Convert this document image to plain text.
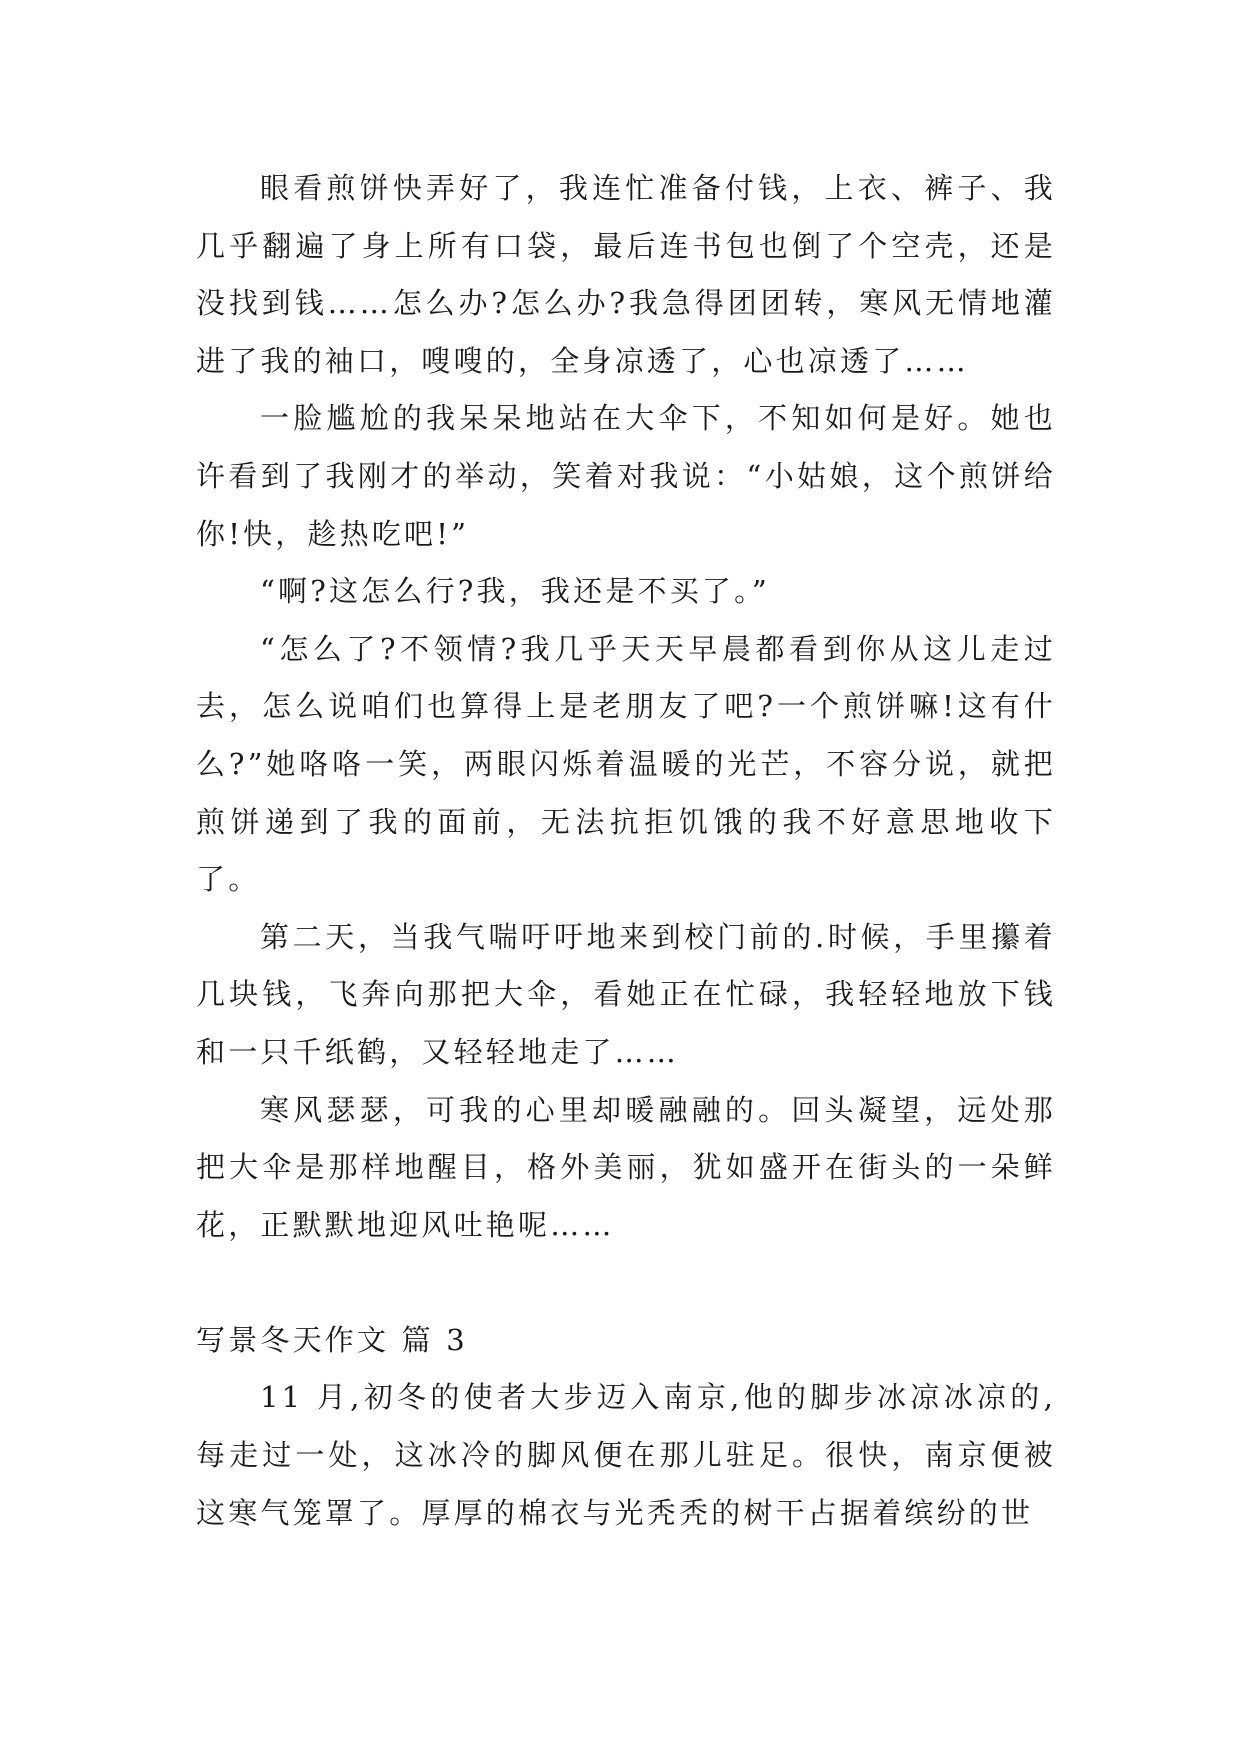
眼看煎饼快弄好了，我连忙准备付钱，上衣、裤子、我几乎翻遍了身上所有口袋，最后连书包也倒了个空壳，还是没找到钱……怎么办?怎么办?我急得团团转，寒风无情地灌进了我的袖口，嗖嗖的，全身凉透了，心也凉透了……

一脸尴尬的我呆呆地站在大伞下，不知如何是好。她也许看到了我刚才的举动，笑着对我说：“小姑娘，这个煎饼给你!快，趁热吃吧!”

“啊?这怎么行?我，我还是不买了。”

“怎么了?不领情?我几乎天天早晨都看到你从这儿走过去，怎么说咱们也算得上是老朋友了吧?一个煎饼嘛!这有什么?”她咯咯一笑，两眼闪烁着温暖的光芒，不容分说，就把煎饼递到了我的面前，无法抗拒饥饿的我不好意思地收下了。

第二天，当我气喘吁吁地来到校门前的.时候，手里攥着几块钱，飞奔向那把大伞，看她正在忙碌，我轻轻地放下钱和一只千纸鹤，又轻轻地走了……

寒风瑟瑟，可我的心里却暖融融的。回头凝望，远处那把大伞是那样地醒目，格外美丽，犹如盛开在街头的一朵鲜花，正默默地迎风吐艳呢……

写景冬天作文 篇 3

11 月,初冬的使者大步迈入南京,他的脚步冰凉冰凉的,每走过一处，这冰冷的脚风便在那儿驻足。很快，南京便被这寒气笼罩了。厚厚的棉衣与光秃秃的树干占据着缤纷的世
